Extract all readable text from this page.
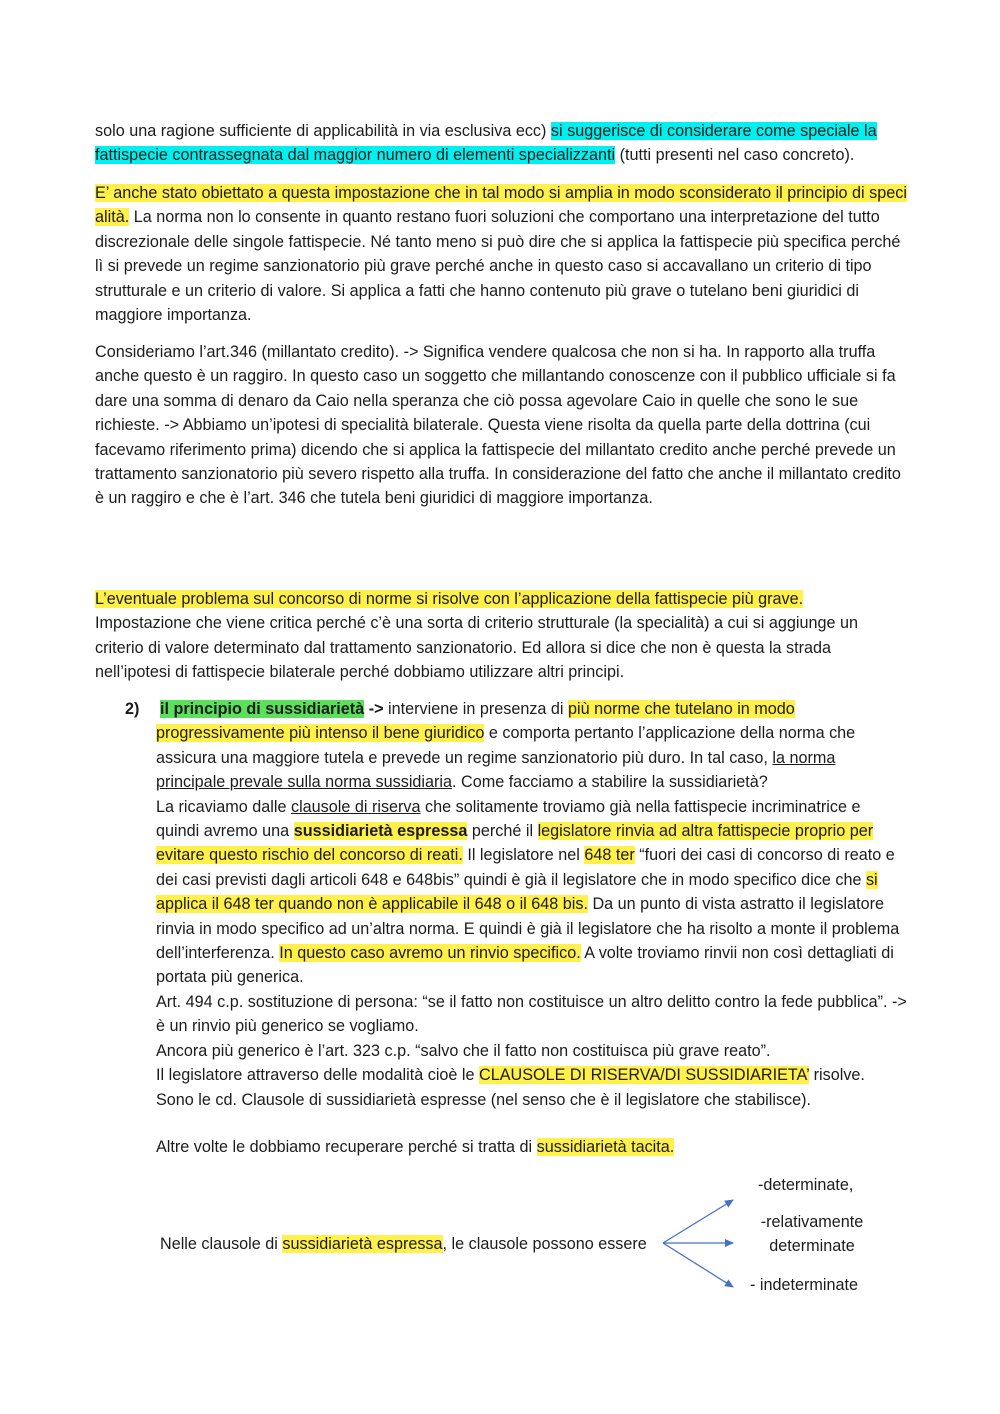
solo una ragione sufficiente di applicabilità in via esclusiva ecc) si suggerisce di considerare come speciale la fattispecie contrassegnata dal maggior numero di elementi specializzanti (tutti presenti nel caso concreto).

E’ anche stato obiettato a questa impostazione che in tal modo si amplia in modo sconsiderato il principio di speci alità. La norma non lo consente in quanto restano fuori soluzioni che comportano una interpretazione del tutto discrezionale delle singole fattispecie. Né tanto meno si può dire che si applica la fattispecie più specifica perché lì si prevede un regime sanzionatorio più grave perché anche in questo caso si accavallano un criterio di tipo strutturale e un criterio di valore. Si applica a fatti che hanno contenuto più grave o tutelano beni giuridici di maggiore importanza.

Consideriamo l’art.346 (millantato credito). -> Significa vendere qualcosa che non si ha. In rapporto alla truffa anche questo è un raggiro. In questo caso un soggetto che millantando conoscenze con il pubblico ufficiale si fa dare una somma di denaro da Caio nella speranza che ciò possa agevolare Caio in quelle che sono le sue richieste. -> Abbiamo un’ipotesi di specialità bilaterale. Questa viene risolta da quella parte della dottrina (cui facevamo riferimento prima) dicendo che si applica la fattispecie del millantato credito anche perché prevede un trattamento sanzionatorio più severo rispetto alla truffa. In considerazione del fatto che anche il millantato credito è un raggiro e che è l’art. 346 che tutela beni giuridici di maggiore importanza.

L’eventuale problema sul concorso di norme si risolve con l’applicazione della fattispecie più grave.
Impostazione che viene critica perché c’è una sorta di criterio strutturale (la specialità) a cui si aggiunge un criterio di valore determinato dal trattamento sanzionatorio. Ed allora si dice che non è questa la strada nell’ipotesi di fattispecie bilaterale perché dobbiamo utilizzare altri principi.

2) il principio di sussidiarietà -> interviene in presenza di più norme che tutelano in modo progressivamente più intenso il bene giuridico e comporta pertanto l’applicazione della norma che assicura una maggiore tutela e prevede un regime sanzionatorio più duro. In tal caso, la norma principale prevale sulla norma sussidiaria. Come facciamo a stabilire la sussidiarietà?
La ricaviamo dalle clausole di riserva che solitamente troviamo già nella fattispecie incriminatrice e quindi avremo una sussidiarietà espressa perché il legislatore rinvia ad altra fattispecie proprio per evitare questo rischio del concorso di reati. Il legislatore nel 648 ter “fuori dei casi di concorso di reato e dei casi previsti dagli articoli 648 e 648bis” quindi è già il legislatore che in modo specifico dice che si applica il 648 ter quando non è applicabile il 648 o il 648 bis. Da un punto di vista astratto il legislatore rinvia in modo specifico ad un’altra norma. E quindi è già il legislatore che ha risolto a monte il problema dell’interferenza. In questo caso avremo un rinvio specifico. A volte troviamo rinvii non così dettagliati di portata più generica.
Art. 494 c.p. sostituzione di persona: “se il fatto non costituisce un altro delitto contro la fede pubblica”. -> è un rinvio più generico se vogliamo.
Ancora più generico è l’art. 323 c.p. “salvo che il fatto non costituisca più grave reato”.
Il legislatore attraverso delle modalità cioè le CLAUSOLE DI RISERVA/DI SUSSIDIARIETA’ risolve.
Sono le cd. Clausole di sussidiarietà espresse (nel senso che è il legislatore che stabilisce).

Altre volte le dobbiamo recuperare perché si tratta di sussidiarietà tacita.

Nelle clausole di sussidiarietà espressa, le clausole possono essere
-determinate,
-relativamente
determinate
- indeterminate
